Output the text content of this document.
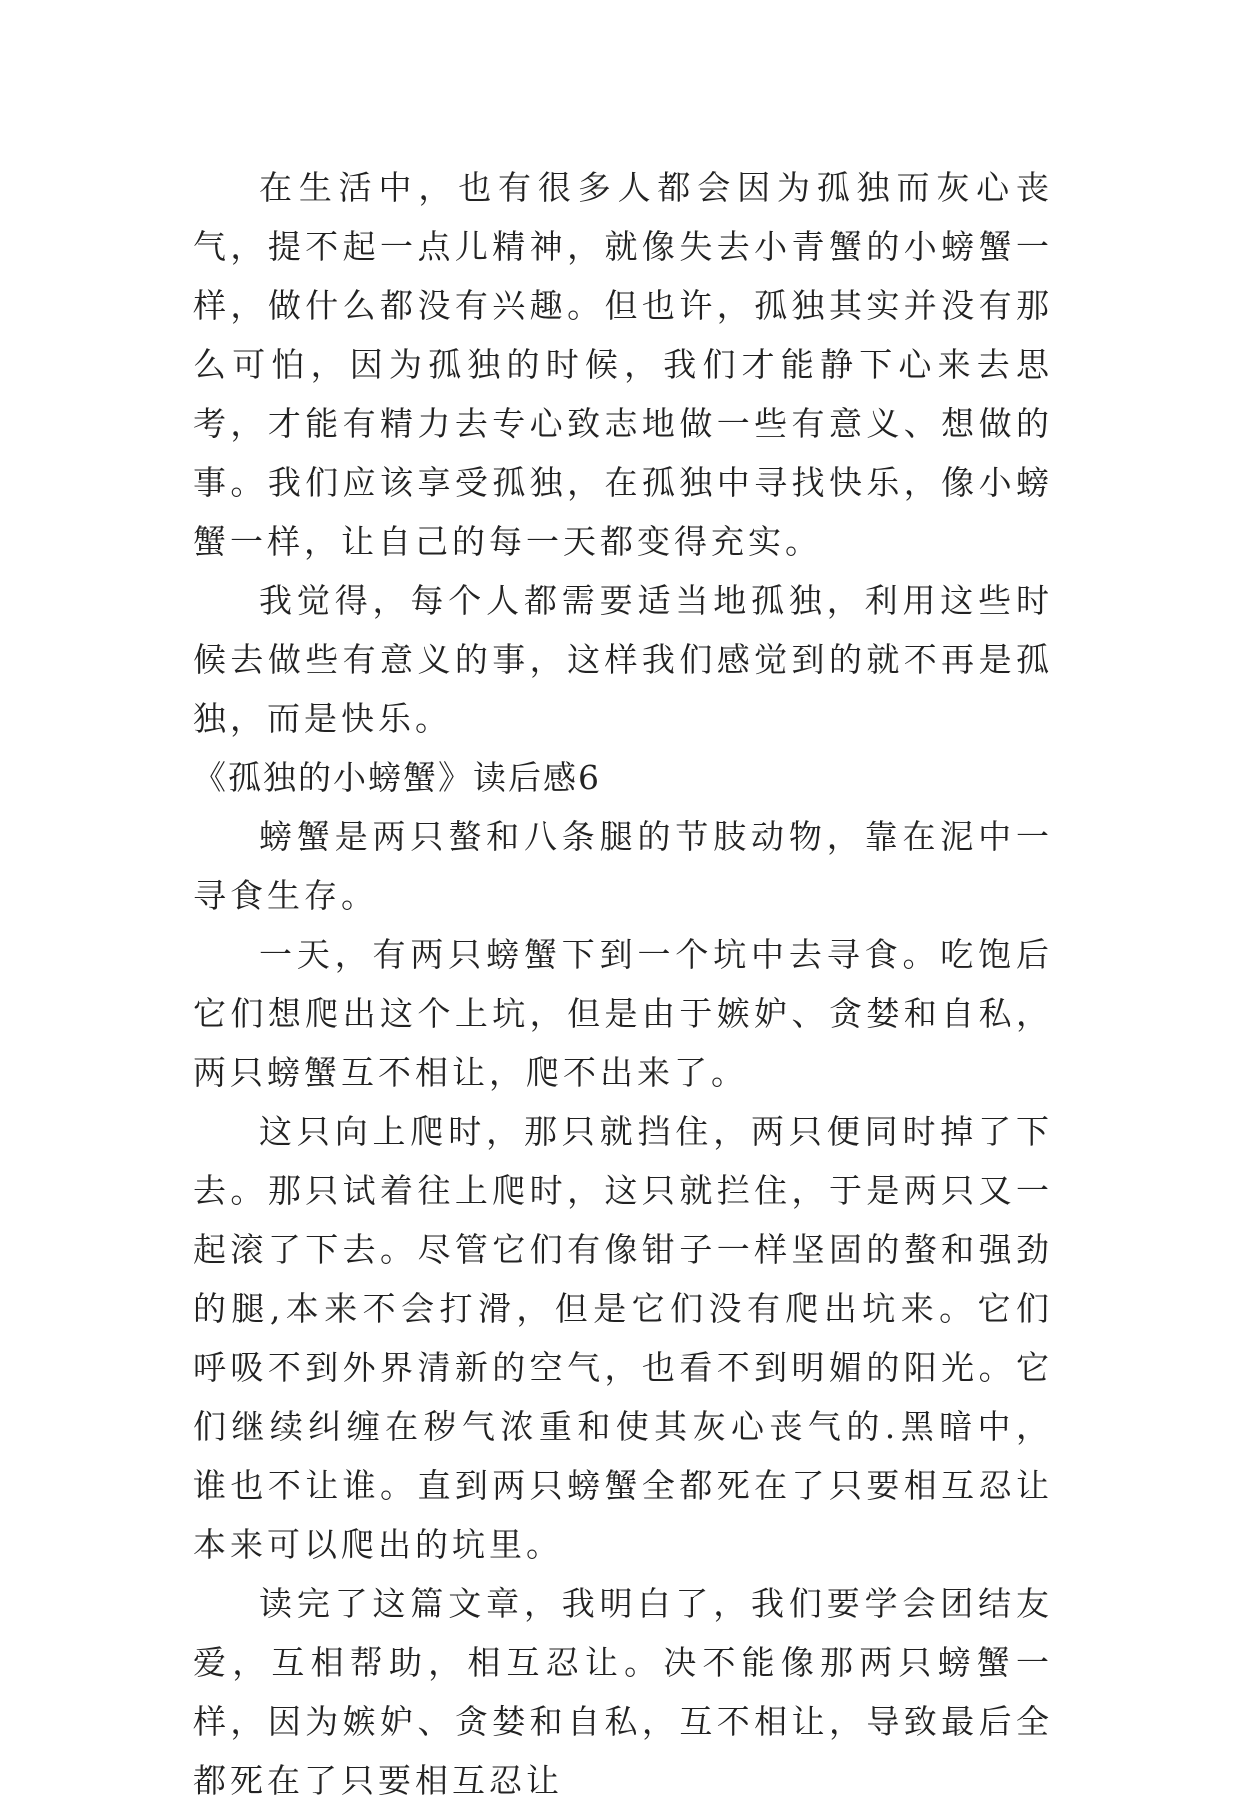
在生活中，也有很多人都会因为孤独而灰心丧气，提不起一点儿精神，就像失去小青蟹的小螃蟹一样，做什么都没有兴趣。但也许，孤独其实并没有那么可怕，因为孤独的时候，我们才能静下心来去思考，才能有精力去专心致志地做一些有意义、想做的事。我们应该享受孤独，在孤独中寻找快乐，像小螃蟹一样，让自己的每一天都变得充实。

我觉得，每个人都需要适当地孤独，利用这些时候去做些有意义的事，这样我们感觉到的就不再是孤独，而是快乐。

《孤独的小螃蟹》读后感6

螃蟹是两只螯和八条腿的节肢动物，靠在泥中一寻食生存。

一天，有两只螃蟹下到一个坑中去寻食。吃饱后它们想爬出这个上坑，但是由于嫉妒、贪婪和自私，两只螃蟹互不相让，爬不出来了。

这只向上爬时，那只就挡住，两只便同时掉了下去。那只试着往上爬时，这只就拦住，于是两只又一起滚了下去。尽管它们有像钳子一样坚固的螯和强劲的腿,本来不会打滑，但是它们没有爬出坑来。它们呼吸不到外界清新的空气，也看不到明媚的阳光。它们继续纠缠在秽气浓重和使其灰心丧气的.黑暗中，谁也不让谁。直到两只螃蟹全都死在了只要相互忍让本来可以爬出的坑里。

读完了这篇文章，我明白了，我们要学会团结友爱，互相帮助，相互忍让。决不能像那两只螃蟹一样，因为嫉妒、贪婪和自私，互不相让，导致最后全都死在了只要相互忍让
